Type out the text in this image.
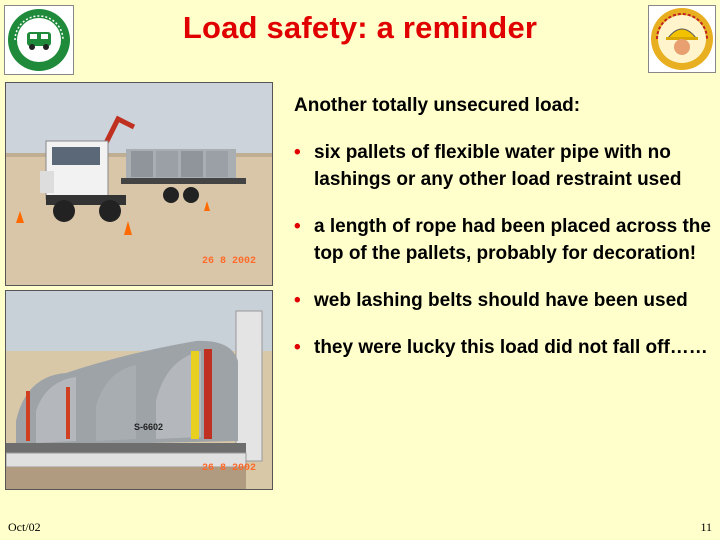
Load safety: a reminder
26 8 2002
S-6602
26 8 2002
Another totally unsecured load:
• six pallets of flexible water pipe with no lashings or any other load restraint used
• a length of rope had been placed across the top of the pallets, probably for decoration!
• web lashing belts should have been used
• they were lucky this load did not fall off……
Oct/02	11
